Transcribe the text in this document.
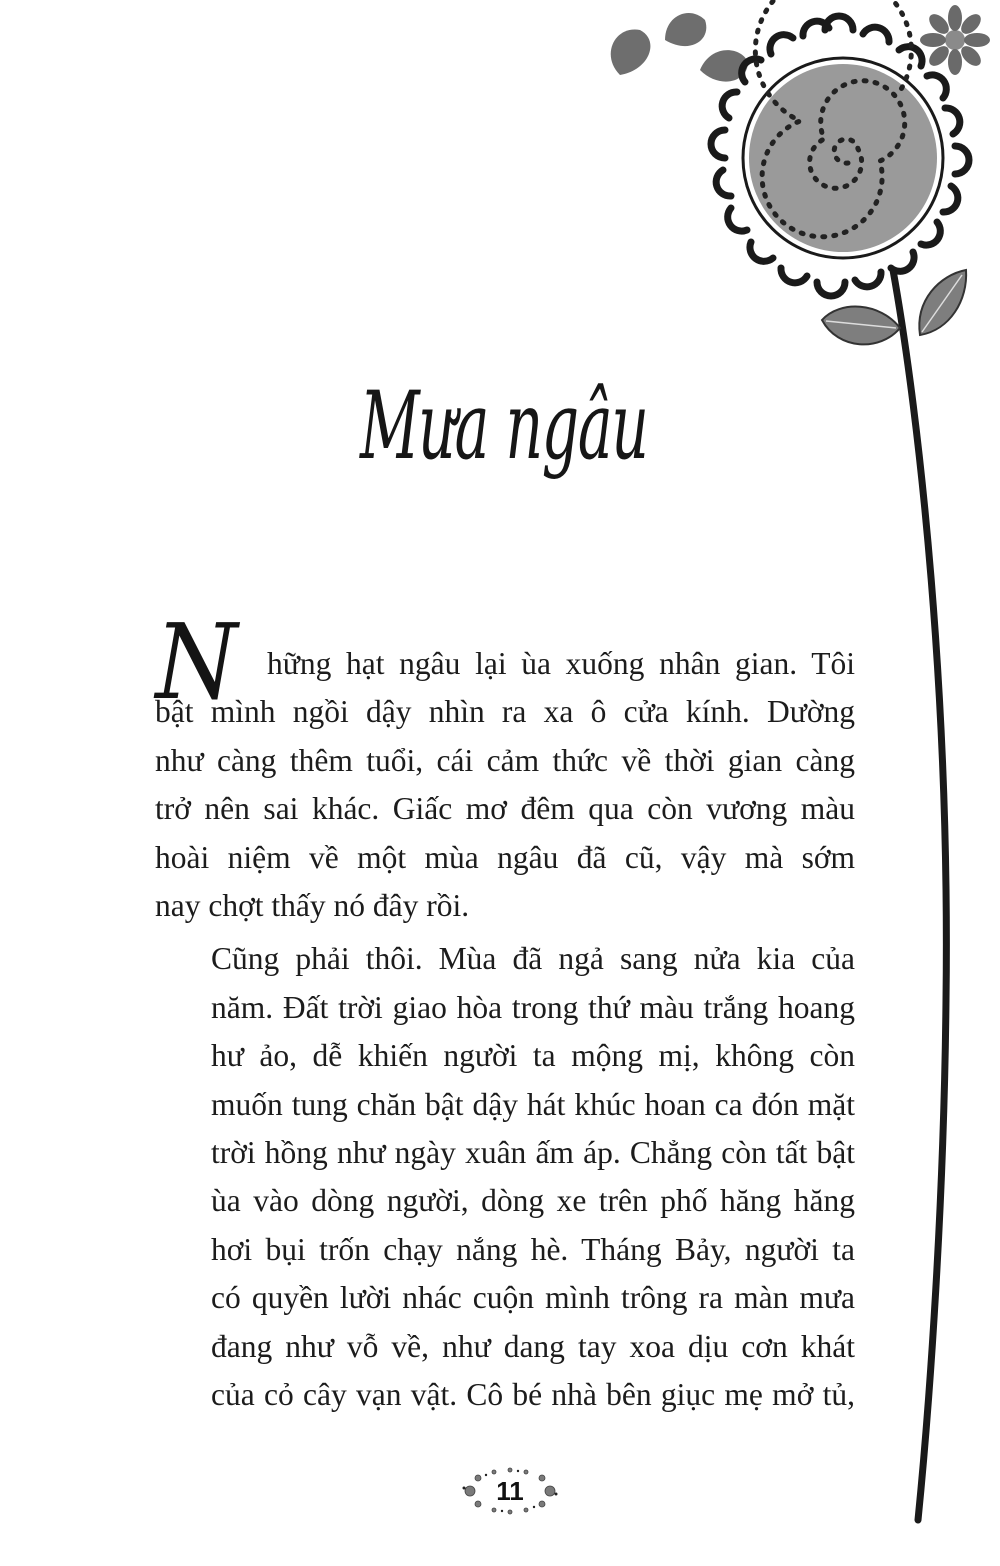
Mưa ngâu

N hững hạt ngâu lại ùa xuống nhân gian. Tôi
bật mình ngồi dậy nhìn ra xa ô cửa kính. Dường
như càng thêm tuổi, cái cảm thức về thời gian càng
trở nên sai khác. Giấc mơ đêm qua còn vương màu
hoài niệm về một mùa ngâu đã cũ, vậy mà sớm
nay chợt thấy nó đây rồi.

Cũng phải thôi. Mùa đã ngả sang nửa kia của
năm. Đất trời giao hòa trong thứ màu trắng hoang
hư ảo, dễ khiến người ta mộng mị, không còn
muốn tung chăn bật dậy hát khúc hoan ca đón mặt
trời hồng như ngày xuân ấm áp. Chẳng còn tất bật
ùa vào dòng người, dòng xe trên phố hăng hăng
hơi bụi trốn chạy nắng hè. Tháng Bảy, người ta
có quyền lười nhác cuộn mình trông ra màn mưa
đang như vỗ về, như dang tay xoa dịu cơn khát
của cỏ cây vạn vật. Cô bé nhà bên giục mẹ mở tủ,

11
